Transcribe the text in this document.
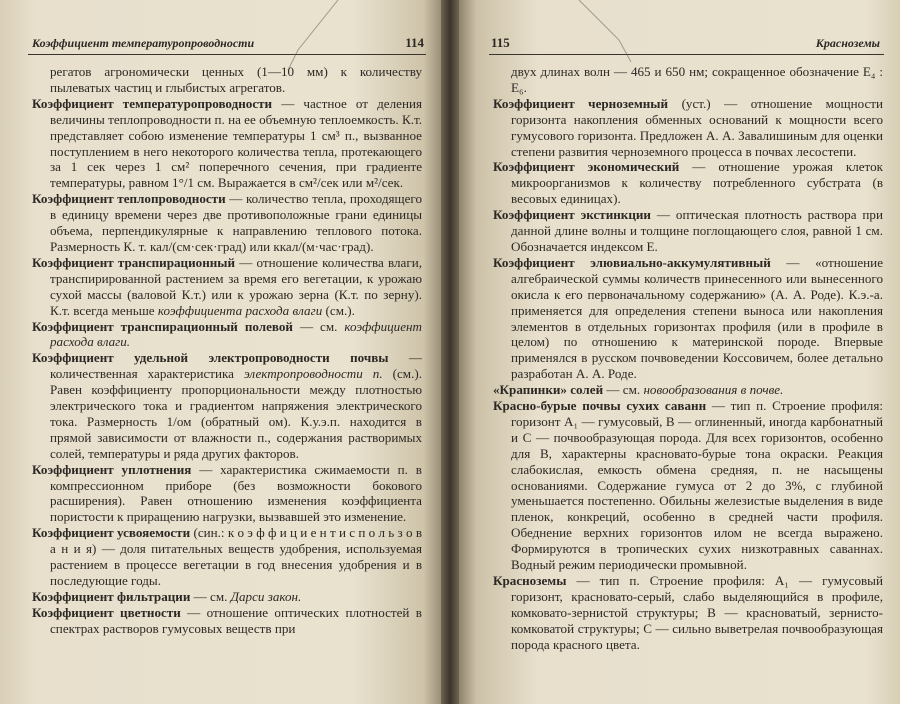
Коэффициент температуропроводности	114

регатов агрономически ценных (1—10 мм) к количеству пылеватых частиц и глыбистых агрегатов.

Коэффициент температуропроводности — частное от деления величины теплопроводности п. на ее объемную теплоемкость. К.т. представляет собою изменение температуры 1 см³ п., вызванное поступлением в него некоторого количества тепла, протекающего за 1 сек через 1 см² поперечного сечения, при градиенте температуры, равном 1°/1 см. Выражается в см²/сек или м²/сек.

Коэффициент теплопроводности — количество тепла, проходящего в единицу времени через две противоположные грани единицы объема, перпендикулярные к направлению теплового потока. Размерность К. т. кал/(см·сек·град) или ккал/(м·час·град).

Коэффициент транспирационный — отношение количества влаги, транспирированной растением за время его вегетации, к урожаю сухой массы (валовой К.т.) или к урожаю зерна (К.т. по зерну). К.т. всегда меньше коэффициента расхода влаги (см.).

Коэффициент транспирационный полевой — см. коэффициент расхода влаги.

Коэффициент удельной электропроводности почвы — количественная характеристика электропроводности п. (см.). Равен коэффициенту пропорциональности между плотностью электрического тока и градиентом напряжения электрического тока. Размерность 1/ом (обратный ом). К.у.э.п. находится в прямой зависимости от влажности п., содержания растворимых солей, температуры и ряда других факторов.

Коэффициент уплотнения — характеристика сжимаемости п. в компрессионном приборе (без возможности бокового расширения). Равен отношению изменения коэффициента пористости к приращению нагрузки, вызвавшей это изменение.

Коэффициент усвояемости (син.: к о э ф ф и ц и е н т и с п о л ь з о в а н и я) — доля питательных веществ удобрения, используемая растением в процессе вегетации в год внесения удобрения и в последующие годы.

Коэффициент фильтрации — см. Дарси закон.

Коэффициент цветности — отношение оптических плотностей в спектрах растворов гумусовых веществ при

115	Красноземы

двух длинах волн — 465 и 650 нм; сокращенное обозначение E₄ : E₆.

Коэффициент черноземный (уст.) — отношение мощности горизонта накопления обменных оснований к мощности всего гумусового горизонта. Предложен А. А. Завалишиным для оценки степени развития черноземного процесса в почвах лесостепи.

Коэффициент экономический — отношение урожая клеток микроорганизмов к количеству потребленного субстрата (в весовых единицах).

Коэффициент экстинкции — оптическая плотность раствора при данной длине волны и толщине поглощающего слоя, равной 1 см. Обозначается индексом E.

Коэффициент элювиально-аккумулятивный — «отношение алгебраической суммы количеств принесенного или вынесенного окисла к его первоначальному содержанию» (А. А. Роде). К.э.-а. применяется для определения степени выноса или накопления элементов в отдельных горизонтах профиля (или в профиле в целом) по отношению к материнской породе. Впервые применялся в русском почвоведении Коссовичем, более детально разработан А. А. Роде.

«Крапинки» солей — см. новообразования в почве.

Красно-бурые почвы сухих саванн — тип п. Строение профиля: горизонт A₁ — гумусовый, B — оглиненный, иногда карбонатный и C — почвообразующая порода. Для всех горизонтов, особенно для B, характерны красновато-бурые тона окраски. Реакция слабокислая, емкость обмена средняя, п. не насыщены основаниями. Содержание гумуса от 2 до 3%, с глубиной уменьшается постепенно. Обильны железистые выделения в виде пленок, конкреций, особенно в средней части профиля. Обеднение верхних горизонтов илом не всегда выражено. Формируются в тропических сухих низкотравных саваннах. Водный режим периодически промывной.

Красноземы — тип п. Строение профиля: A₁ — гумусовый горизонт, красновато-серый, слабо выделяющийся в профиле, комковато-зернистой структуры; B — красноватый, зернисто-комковатой структуры; C — сильно выветрелая почвообразующая порода красного цвета.
